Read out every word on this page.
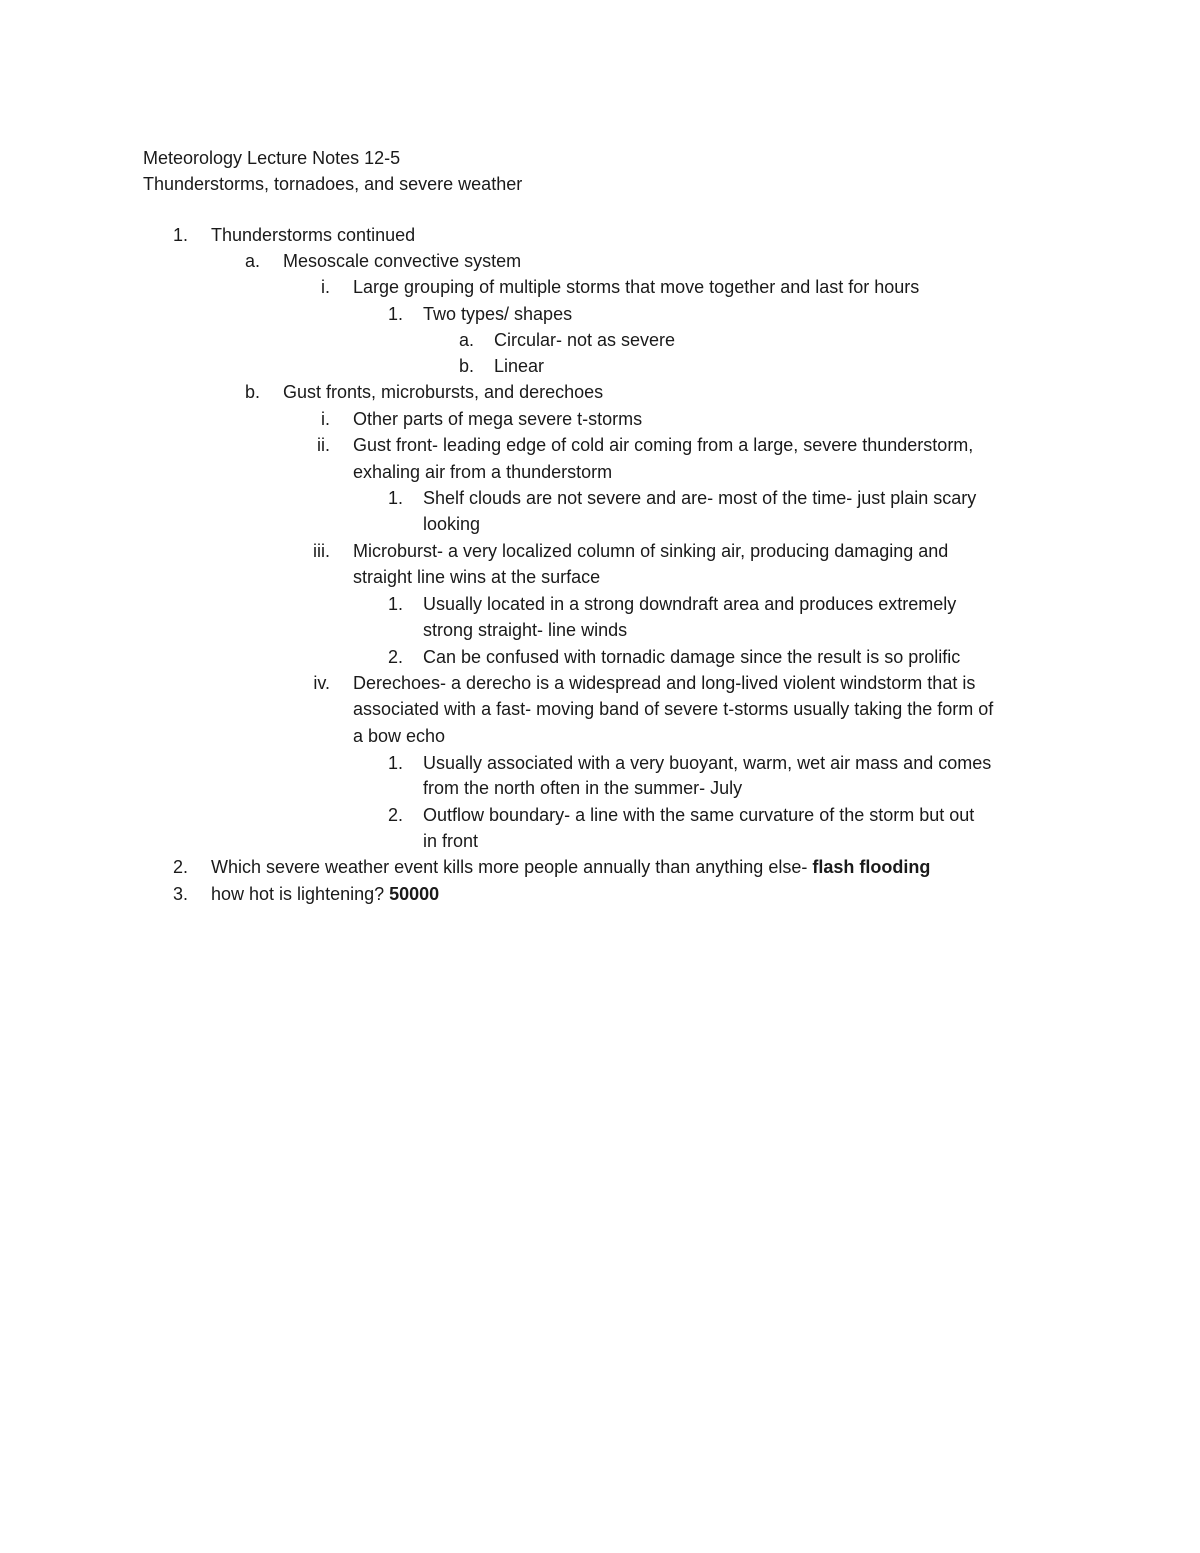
Meteorology Lecture Notes 12-5
Thunderstorms, tornadoes, and severe weather
1. Thunderstorms continued
a. Mesoscale convective system
i. Large grouping of multiple storms that move together and last for hours
1. Two types/ shapes
a. Circular- not as severe
b. Linear
b. Gust fronts, microbursts, and derechoes
i. Other parts of mega severe t-storms
ii. Gust front- leading edge of cold air coming from a large, severe thunderstorm,
exhaling air from a thunderstorm
1. Shelf clouds are not severe and are- most of the time- just plain scary
looking
iii. Microburst- a very localized column of sinking air, producing damaging and
straight line wins at the surface
1. Usually located in a strong downdraft area and produces extremely
strong straight- line winds
2. Can be confused with tornadic damage since the result is so prolific
iv. Derechoes- a derecho is a widespread and long-lived violent windstorm that is
associated with a fast- moving band of severe t-storms usually taking the form of
a bow echo
1. Usually associated with a very buoyant, warm, wet air mass and comes
from the north often in the summer- July
2. Outflow boundary- a line with the same curvature of the storm but out
in front
2. Which severe weather event kills more people annually than anything else- flash flooding
3. how hot is lightening? 50000
